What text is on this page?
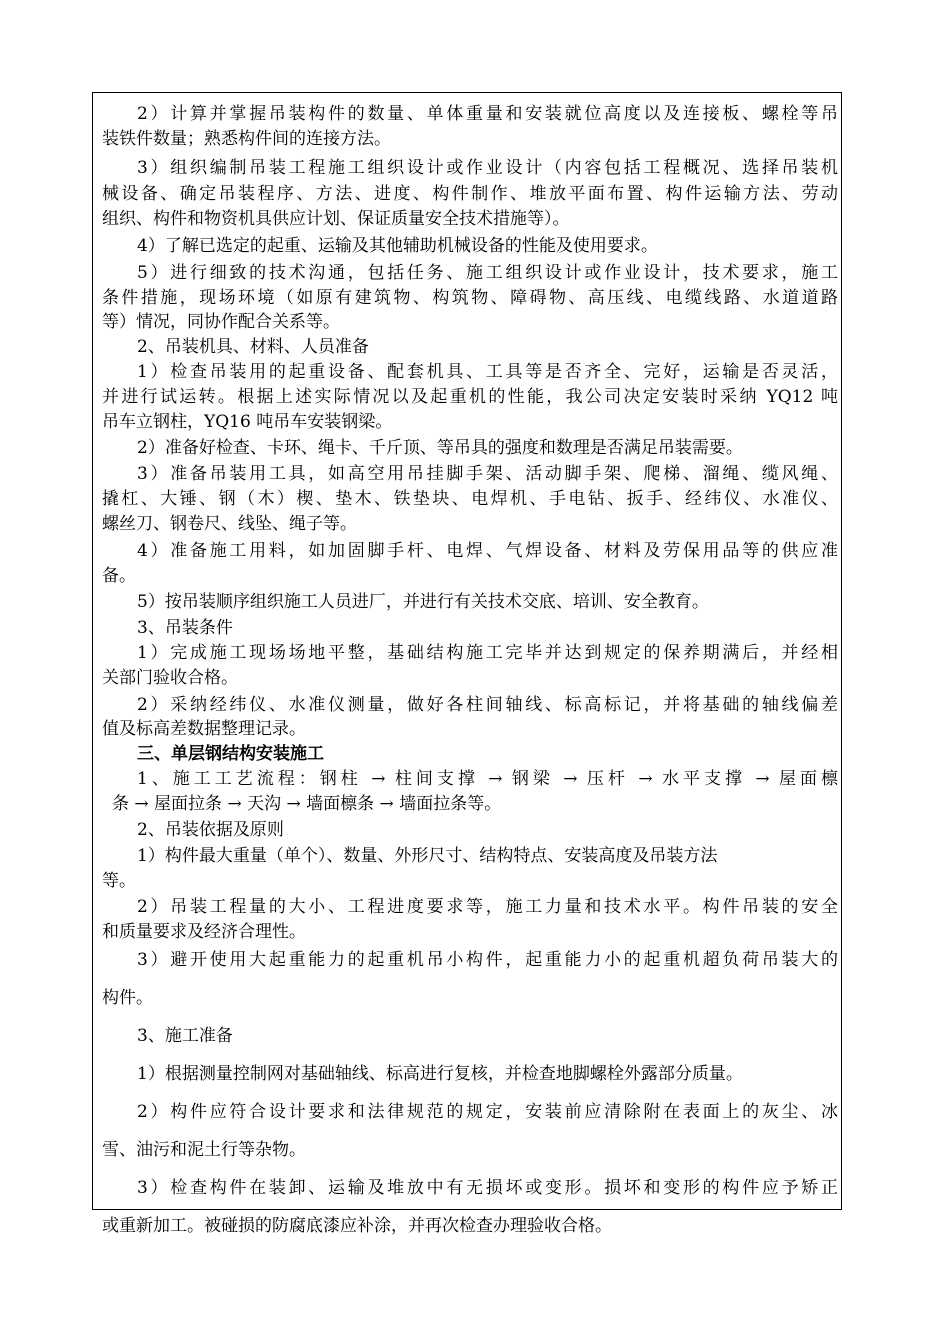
2）计算并掌握吊装构件的数量、单体重量和安装就位高度以及连接板、螺栓等吊
装铁件数量；熟悉构件间的连接方法。
3）组织编制吊装工程施工组织设计或作业设计（内容包括工程概况、选择吊装机
械设备、确定吊装程序、方法、进度、构件制作、堆放平面布置、构件运输方法、劳动
组织、构件和物资机具供应计划、保证质量安全技术措施等）。
4）了解已选定的起重、运输及其他辅助机械设备的性能及使用要求。
5）进行细致的技术沟通，包括任务、施工组织设计或作业设计，技术要求，施工
条件措施，现场环境（如原有建筑物、构筑物、障碍物、高压线、电缆线路、水道道路
等）情况，同协作配合关系等。
2、吊装机具、材料、人员准备
1）检查吊装用的起重设备、配套机具、工具等是否齐全、完好，运输是否灵活，
并进行试运转。根据上述实际情况以及起重机的性能，我公司决定安装时采纳 YQ12 吨
吊车立钢柱，YQ16 吨吊车安装钢梁。
2）准备好检查、卡环、绳卡、千斤顶、等吊具的强度和数理是否满足吊装需要。
3）准备吊装用工具，如高空用吊挂脚手架、活动脚手架、爬梯、溜绳、缆风绳、
撬杠、大锤、钢（木）楔、垫木、铁垫块、电焊机、手电钻、扳手、经纬仪、水准仪、
螺丝刀、钢卷尺、线坠、绳子等。
4）准备施工用料，如加固脚手杆、电焊、气焊设备、材料及劳保用品等的供应准
备。
5）按吊装顺序组织施工人员进厂，并进行有关技术交底、培训、安全教育。
3、吊装条件
1）完成施工现场场地平整，基础结构施工完毕并达到规定的保养期满后，并经相
关部门验收合格。
2）采纳经纬仪、水准仪测量，做好各柱间轴线、标高标记，并将基础的轴线偏差
值及标高差数据整理记录。
三、单层钢结构安装施工
1、施工工艺流程：钢柱 → 柱间支撑 → 钢梁 → 压杆 → 水平支撑 → 屋面檩
条 → 屋面拉条 → 天沟 → 墙面檩条 → 墙面拉条等。
2、吊装依据及原则
1）构件最大重量（单个）、数量、外形尺寸、结构特点、安装高度及吊装方法
等。
2）吊装工程量的大小、工程进度要求等，施工力量和技术水平。构件吊装的安全
和质量要求及经济合理性。
3）避开使用大起重能力的起重机吊小构件，起重能力小的起重机超负荷吊装大的
构件。
3、施工准备
1）根据测量控制网对基础轴线、标高进行复核，并检查地脚螺栓外露部分质量。
2）构件应符合设计要求和法律规范的规定，安装前应清除附在表面上的灰尘、冰
雪、油污和泥土行等杂物。
3）检查构件在装卸、运输及堆放中有无损坏或变形。损坏和变形的构件应予矫正
或重新加工。被碰损的防腐底漆应补涂，并再次检查办理验收合格。
